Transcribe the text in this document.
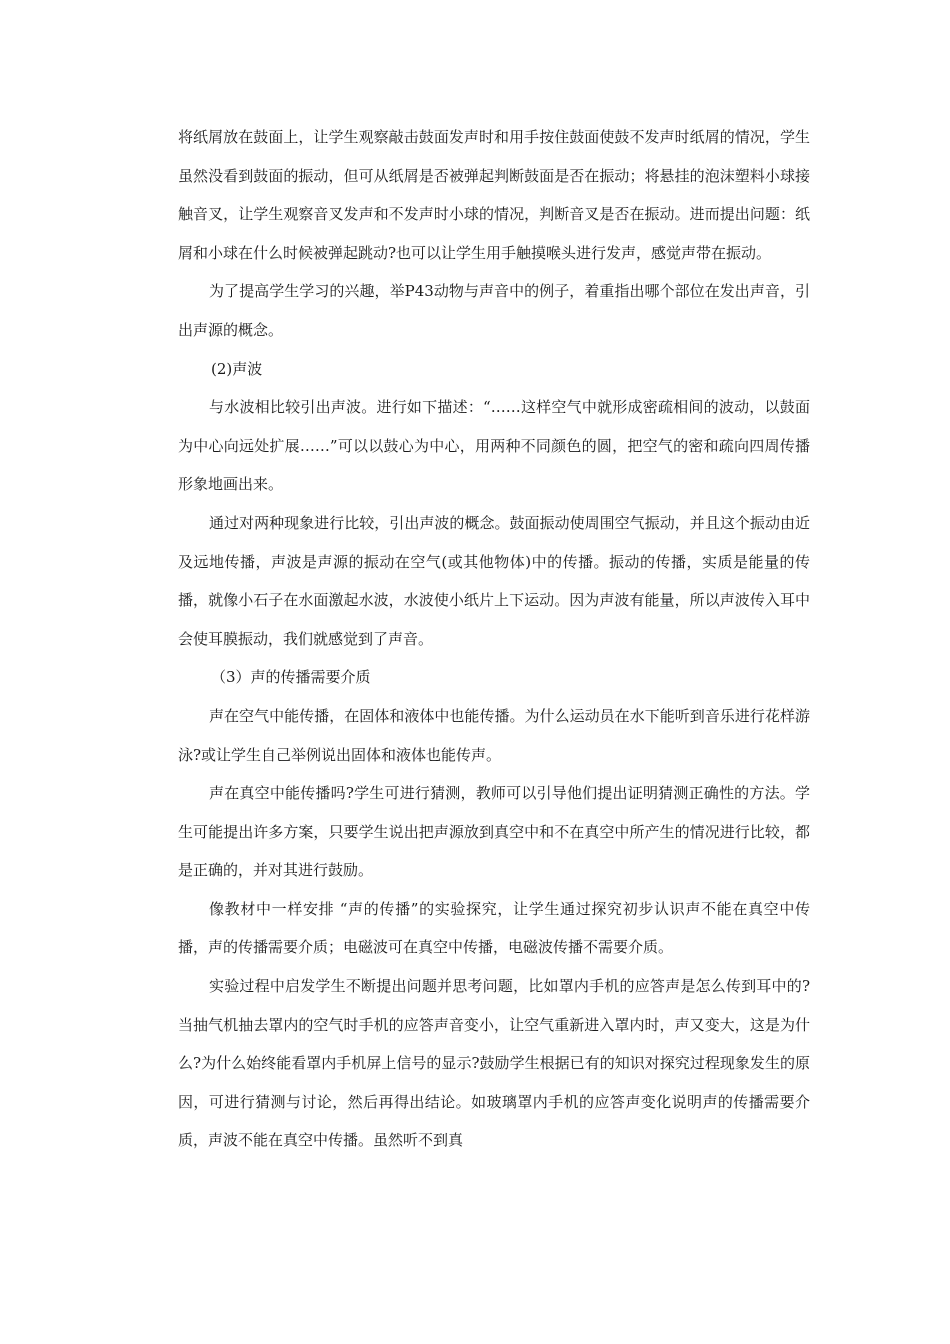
将纸屑放在鼓面上，让学生观察敲击鼓面发声时和用手按住鼓面使鼓不发声时纸屑的情况，学生虽然没看到鼓面的振动，但可从纸屑是否被弹起判断鼓面是否在振动；将悬挂的泡沫塑料小球接触音叉，让学生观察音叉发声和不发声时小球的情况，判断音叉是否在振动。进而提出问题：纸屑和小球在什么时候被弹起跳动?也可以让学生用手触摸喉头进行发声，感觉声带在振动。

为了提高学生学习的兴趣，举P43动物与声音中的例子，着重指出哪个部位在发出声音，引出声源的概念。

(2)声波

与水波相比较引出声波。进行如下描述：“……这样空气中就形成密疏相间的波动，以鼓面为中心向远处扩展……”可以以鼓心为中心，用两种不同颜色的圆，把空气的密和疏向四周传播形象地画出来。

通过对两种现象进行比较，引出声波的概念。鼓面振动使周围空气振动，并且这个振动由近及远地传播，声波是声源的振动在空气(或其他物体)中的传播。振动的传播，实质是能量的传播，就像小石子在水面激起水波，水波使小纸片上下运动。因为声波有能量，所以声波传入耳中会使耳膜振动，我们就感觉到了声音。

（3）声的传播需要介质

声在空气中能传播，在固体和液体中也能传播。为什么运动员在水下能听到音乐进行花样游泳?或让学生自己举例说出固体和液体也能传声。

声在真空中能传播吗?学生可进行猜测，教师可以引导他们提出证明猜测正确性的方法。学生可能提出许多方案，只要学生说出把声源放到真空中和不在真空中所产生的情况进行比较，都是正确的，并对其进行鼓励。

像教材中一样安排 “声的传播”的实验探究，让学生通过探究初步认识声不能在真空中传播，声的传播需要介质；电磁波可在真空中传播，电磁波传播不需要介质。

实验过程中启发学生不断提出问题并思考问题，比如罩内手机的应答声是怎么传到耳中的?当抽气机抽去罩内的空气时手机的应答声音变小，让空气重新进入罩内时，声又变大，这是为什么?为什么始终能看罩内手机屏上信号的显示?鼓励学生根据已有的知识对探究过程现象发生的原因，可进行猜测与讨论，然后再得出结论。如玻璃罩内手机的应答声变化说明声的传播需要介质，声波不能在真空中传播。虽然听不到真
